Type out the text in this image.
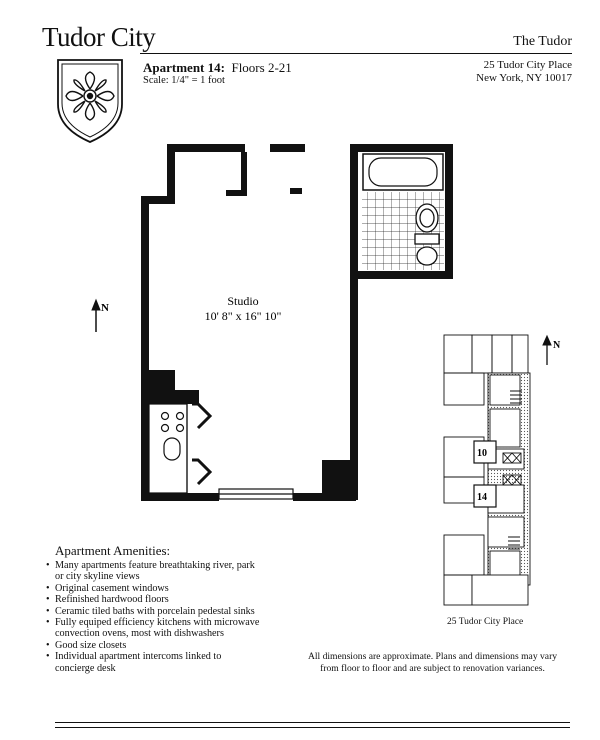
Tudor City
Apartment 14: Floors 2-21
Scale: 1/4" = 1 foot
The Tudor
25 Tudor City Place
New York, NY 10017
Studio
10' 8" x 16" 10"
N
10
14
N
25 Tudor City Place
Apartment Amenities:
• Many apartments feature breathtaking river, park or city skyline views
• Original casement windows
• Refinished hardwood floors
• Ceramic tiled baths with porcelain pedestal sinks
• Fully equiped efficiency kitchens with microwave convection ovens, most with dishwashers
• Good size closets
• Individual apartment intercoms linked to concierge desk
All dimensions are approximate. Plans and dimensions may vary from floor to floor and are subject to renovation variances.
